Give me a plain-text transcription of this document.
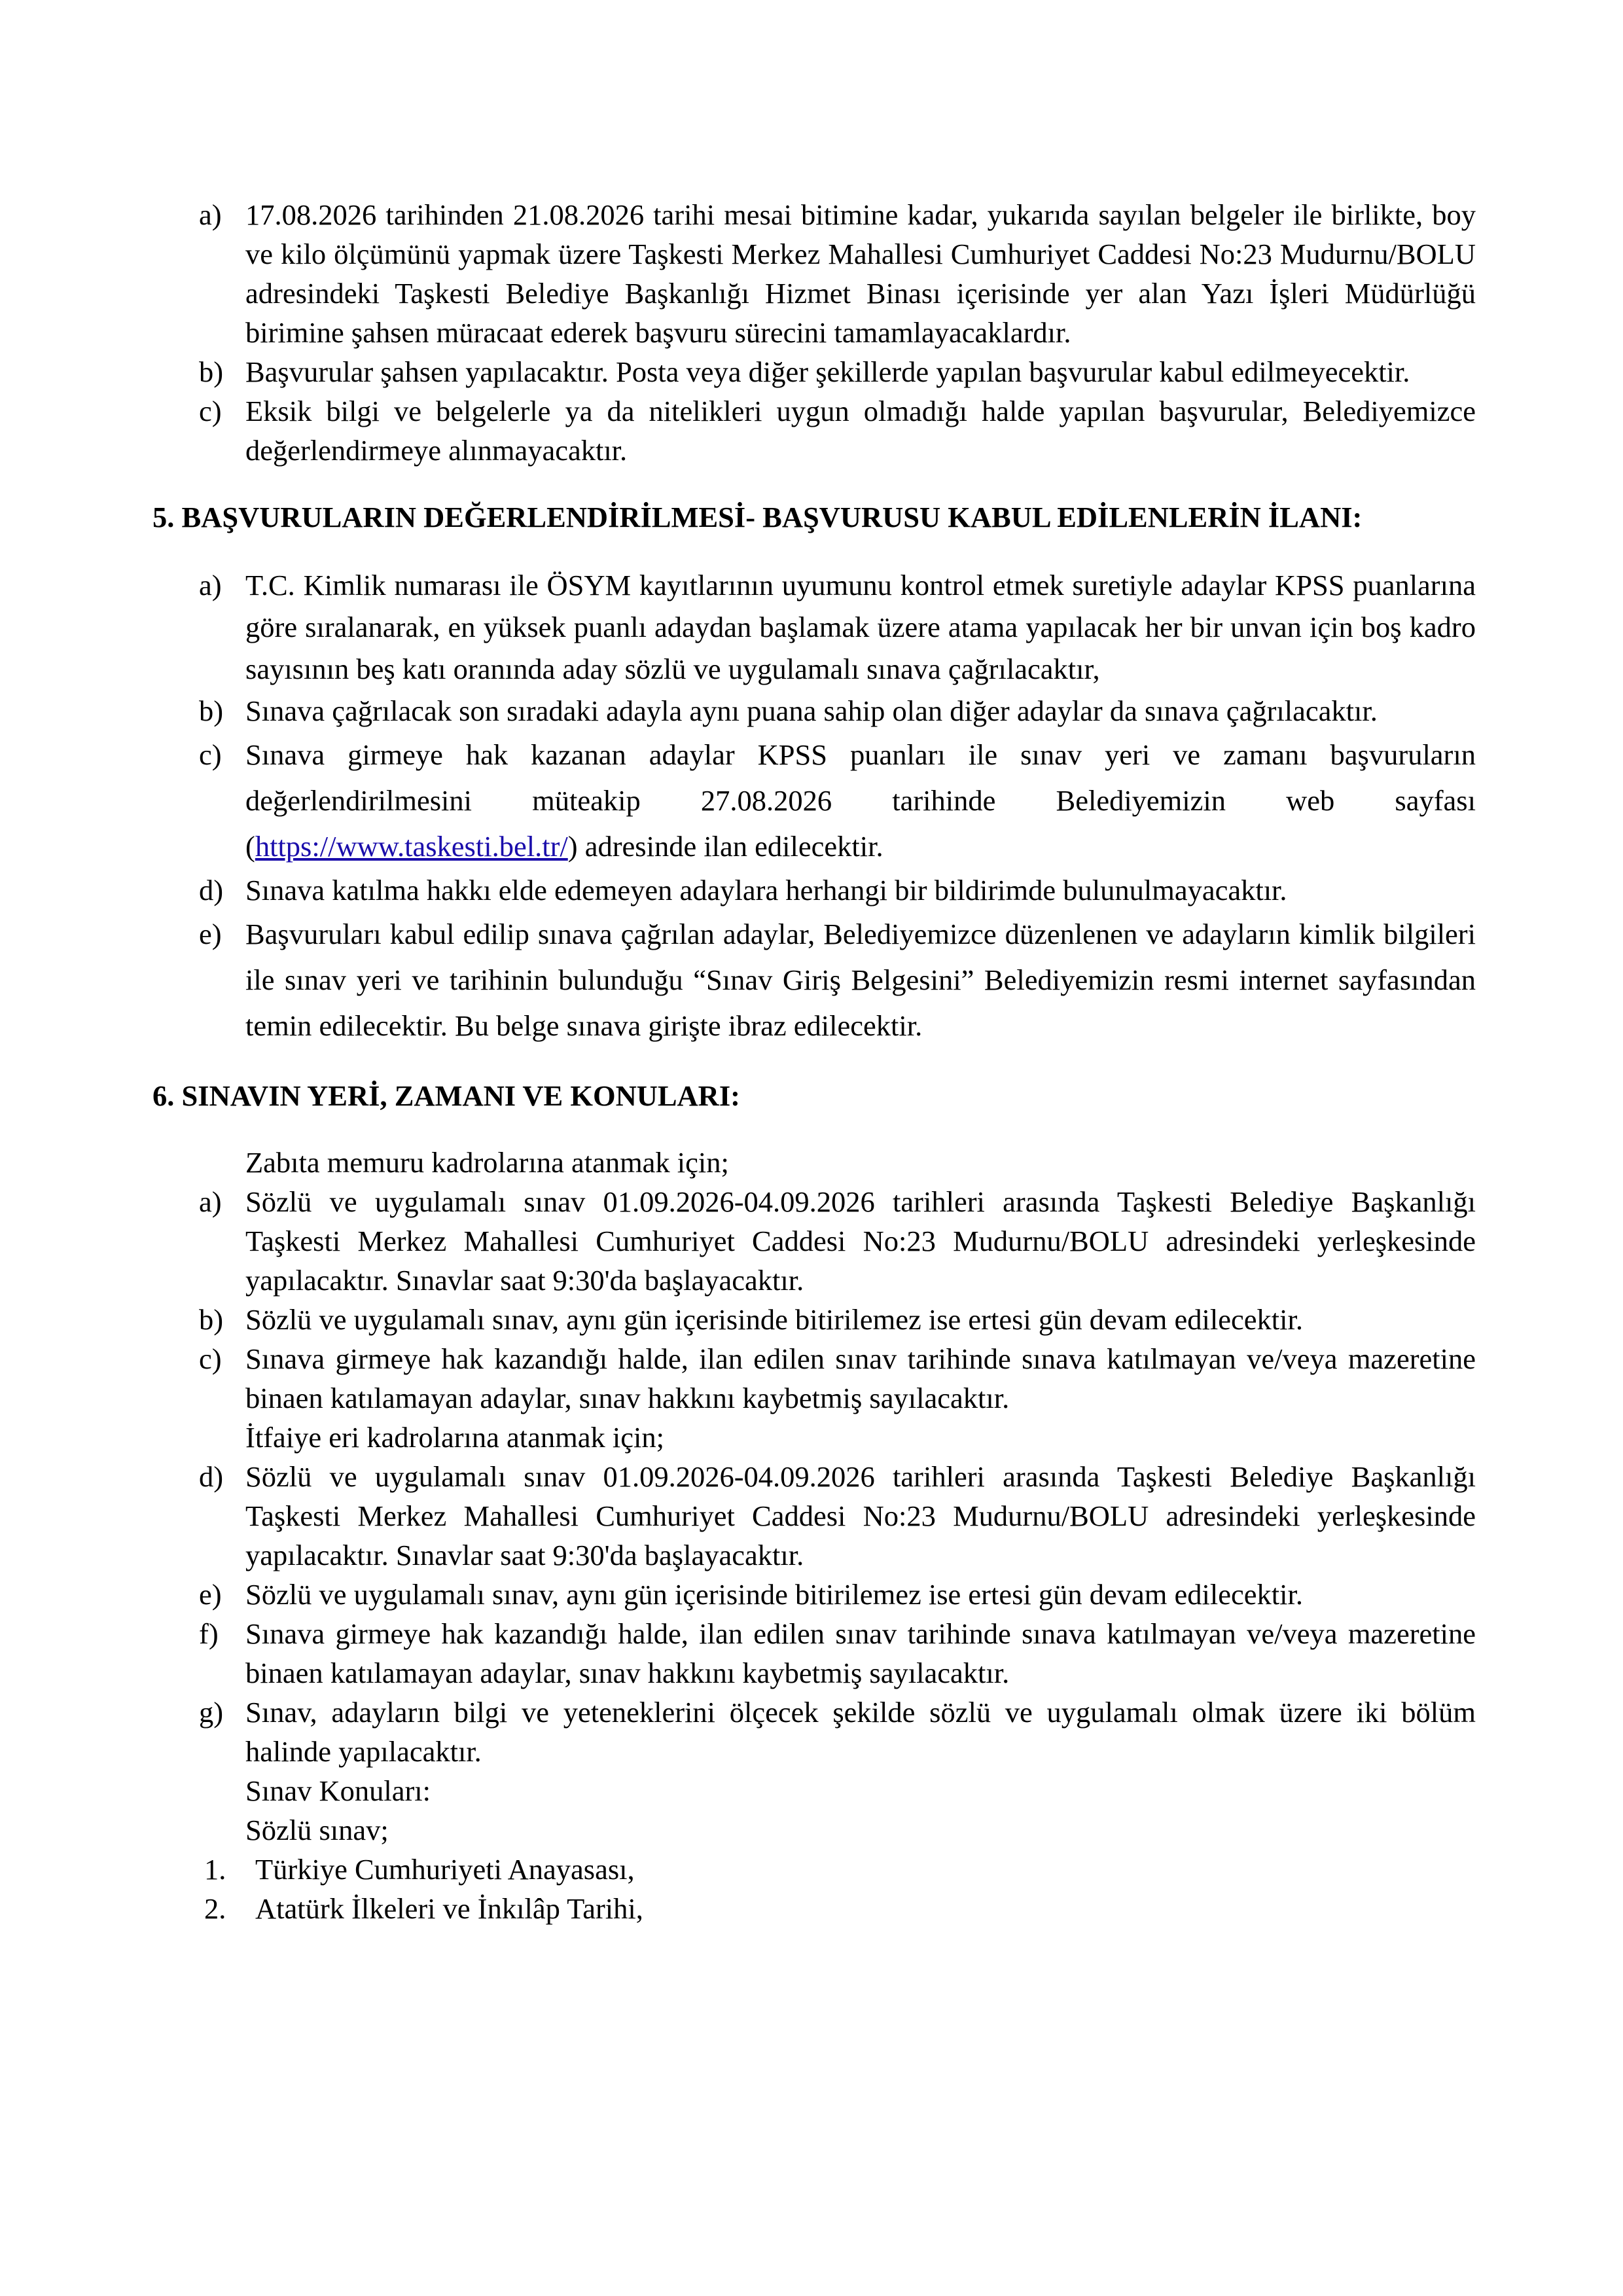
a) 17.08.2026 tarihinden 21.08.2026 tarihi mesai bitimine kadar, yukarıda sayılan belgeler ile birlikte, boy ve kilo ölçümünü yapmak üzere Taşkesti Merkez Mahallesi Cumhuriyet Caddesi No:23 Mudurnu/BOLU adresindeki Taşkesti Belediye Başkanlığı Hizmet Binası içerisinde yer alan Yazı İşleri Müdürlüğü birimine şahsen müracaat ederek başvuru sürecini tamamlayacaklardır.
b) Başvurular şahsen yapılacaktır. Posta veya diğer şekillerde yapılan başvurular kabul edilmeyecektir.
c) Eksik bilgi ve belgelerle ya da nitelikleri uygun olmadığı halde yapılan başvurular, Belediyemizce değerlendirmeye alınmayacaktır.
5. BAŞVURULARIN DEĞERLENDİRİLMESİ- BAŞVURUSU KABUL EDİLENLERİN İLANI:
a) T.C. Kimlik numarası ile ÖSYM kayıtlarının uyumunu kontrol etmek suretiyle adaylar KPSS puanlarına göre sıralanarak, en yüksek puanlı adaydan başlamak üzere atama yapılacak her bir unvan için boş kadro sayısının beş katı oranında aday sözlü ve uygulamalı sınava çağrılacaktır,
b) Sınava çağrılacak son sıradaki adayla aynı puana sahip olan diğer adaylar da sınava çağrılacaktır.
c) Sınava girmeye hak kazanan adaylar KPSS puanları ile sınav yeri ve zamanı başvuruların değerlendirilmesini müteakip 27.08.2026 tarihinde Belediyemizin web sayfası (https://www.taskesti.bel.tr/) adresinde ilan edilecektir.
d) Sınava katılma hakkı elde edemeyen adaylara herhangi bir bildirimde bulunulmayacaktır.
e) Başvuruları kabul edilip sınava çağrılan adaylar, Belediyemizce düzenlenen ve adayların kimlik bilgileri ile sınav yeri ve tarihinin bulunduğu “Sınav Giriş Belgesini” Belediyemizin resmi internet sayfasından temin edilecektir. Bu belge sınava girişte ibraz edilecektir.
6. SINAVIN YERİ, ZAMANI VE KONULARI:
Zabıta memuru kadrolarına atanmak için;
a) Sözlü ve uygulamalı sınav 01.09.2026-04.09.2026 tarihleri arasında Taşkesti Belediye Başkanlığı Taşkesti Merkez Mahallesi Cumhuriyet Caddesi No:23 Mudurnu/BOLU adresindeki yerleşkesinde yapılacaktır. Sınavlar saat 9:30'da başlayacaktır.
b) Sözlü ve uygulamalı sınav, aynı gün içerisinde bitirilemez ise ertesi gün devam edilecektir.
c) Sınava girmeye hak kazandığı halde, ilan edilen sınav tarihinde sınava katılmayan ve/veya mazeretine binaen katılamayan adaylar, sınav hakkını kaybetmiş sayılacaktır.
İtfaiye eri kadrolarına atanmak için;
d) Sözlü ve uygulamalı sınav 01.09.2026-04.09.2026 tarihleri arasında Taşkesti Belediye Başkanlığı Taşkesti Merkez Mahallesi Cumhuriyet Caddesi No:23 Mudurnu/BOLU adresindeki yerleşkesinde yapılacaktır. Sınavlar saat 9:30'da başlayacaktır.
e) Sözlü ve uygulamalı sınav, aynı gün içerisinde bitirilemez ise ertesi gün devam edilecektir.
f) Sınava girmeye hak kazandığı halde, ilan edilen sınav tarihinde sınava katılmayan ve/veya mazeretine binaen katılamayan adaylar, sınav hakkını kaybetmiş sayılacaktır.
g) Sınav, adayların bilgi ve yeteneklerini ölçecek şekilde sözlü ve uygulamalı olmak üzere iki bölüm halinde yapılacaktır.
Sınav Konuları:
Sözlü sınav;
1. Türkiye Cumhuriyeti Anayasası,
2. Atatürk İlkeleri ve İnkılâp Tarihi,
